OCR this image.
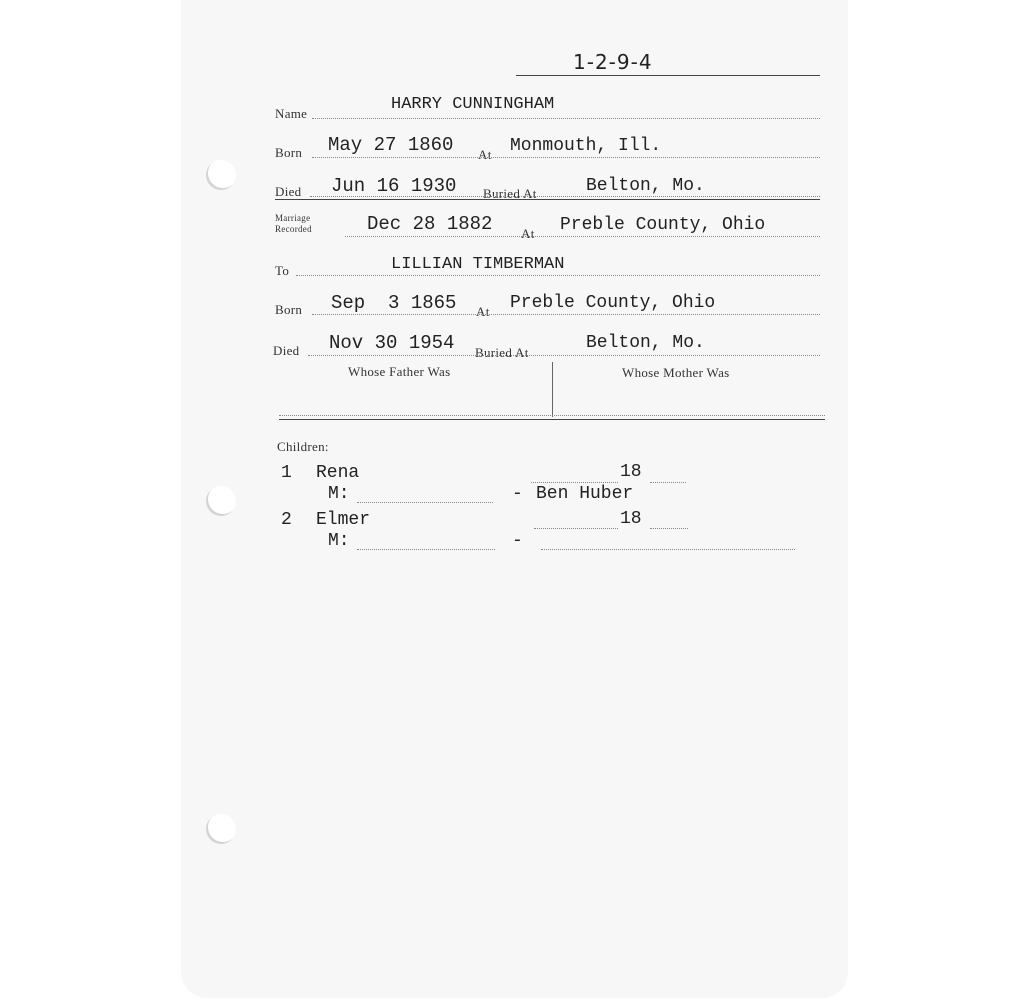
1-2-9-4
Name	HARRY CUNNINGHAM
Born	At
May 27 1860	Monmouth, Ill.
Died	Buried At
Jun 16 1930	Belton, Mo.
Marriage
Recorded	At
Dec 28 1882	Preble County, Ohio
To	LILLIAN TIMBERMAN
Born	At
Sep  3 1865	Preble County, Ohio
Died	Buried At
Nov 30 1954	Belton, Mo.
Whose Father Was	Whose Mother Was
Children:
1 Rena	18
M:	- Ben Huber
2 Elmer	18
M:	-
